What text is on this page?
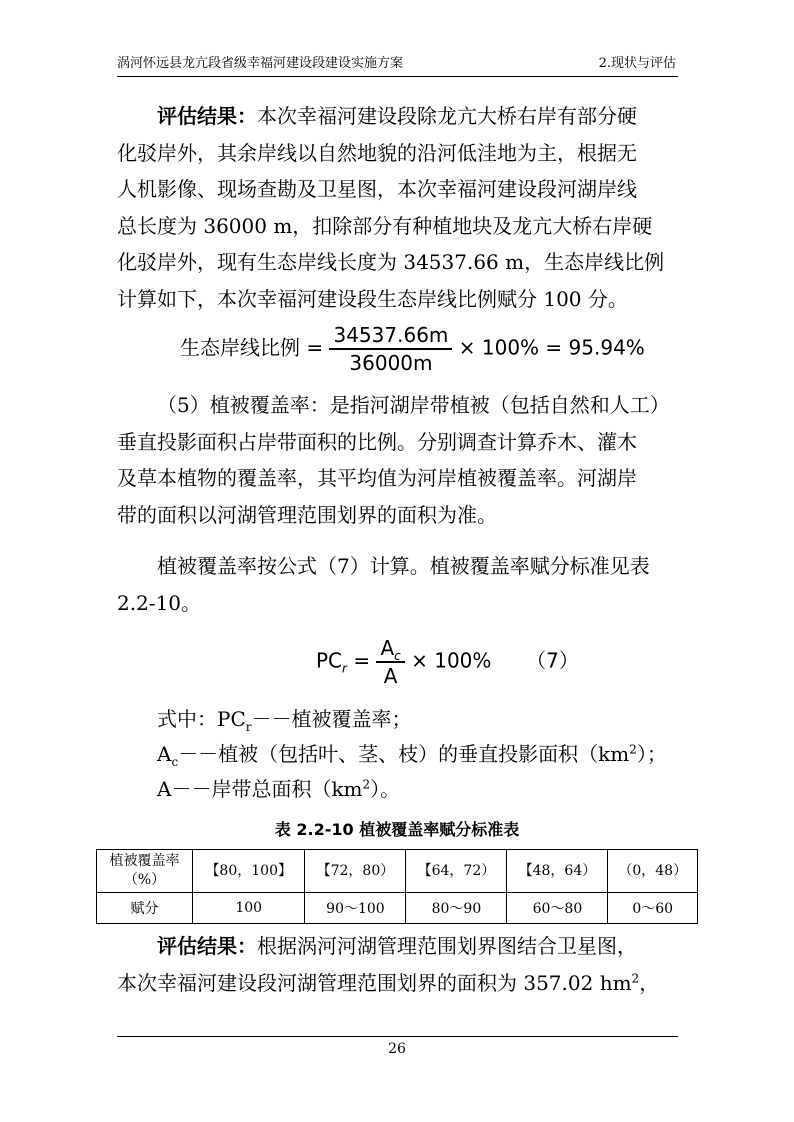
涡河怀远县龙亢段省级幸福河建设段建设实施方案	2.现状与评估
评估结果：本次幸福河建设段除龙亢大桥右岸有部分硬
化驳岸外，其余岸线以自然地貌的沿河低洼地为主，根据无
人机影像、现场查勘及卫星图，本次幸福河建设段河湖岸线
总长度为 36000 m，扣除部分有种植地块及龙亢大桥右岸硬
化驳岸外，现有生态岸线长度为 34537.66 m，生态岸线比例
计算如下，本次幸福河建设段生态岸线比例赋分 100 分。
生态岸线比例 = $\frac{34537.66m}{36000m} \times 100\% = 95.94\%$
（5）植被覆盖率：是指河湖岸带植被（包括自然和人工）
垂直投影面积占岸带面积的比例。分别调查计算乔木、灌木
及草本植物的覆盖率，其平均值为河岸植被覆盖率。河湖岸
带的面积以河湖管理范围划界的面积为准。
植被覆盖率按公式（7）计算。植被覆盖率赋分标准见表
2.2-10。
$PC_r = \frac{A_c}{A} \times 100\%$ （7）
式中：$PC_r--$植被覆盖率；
$A_c--$植被（包括叶、茎、枝）的垂直投影面积$(km^2)$；
A－－岸带总面积$(km^2)$。
表 2.2-10 植被覆盖率赋分标准表
植被覆盖率
（%）	【80，100】	【72，80）	【64，72）	【48，64）	（0，48）
赋分	100	90～100	80～90	60～80	0～60
评估结果：根据涡河河湖管理范围划界图结合卫星图，
本次幸福河建设段河湖管理范围划界的面积为 357.02 $hm^2$，
26
